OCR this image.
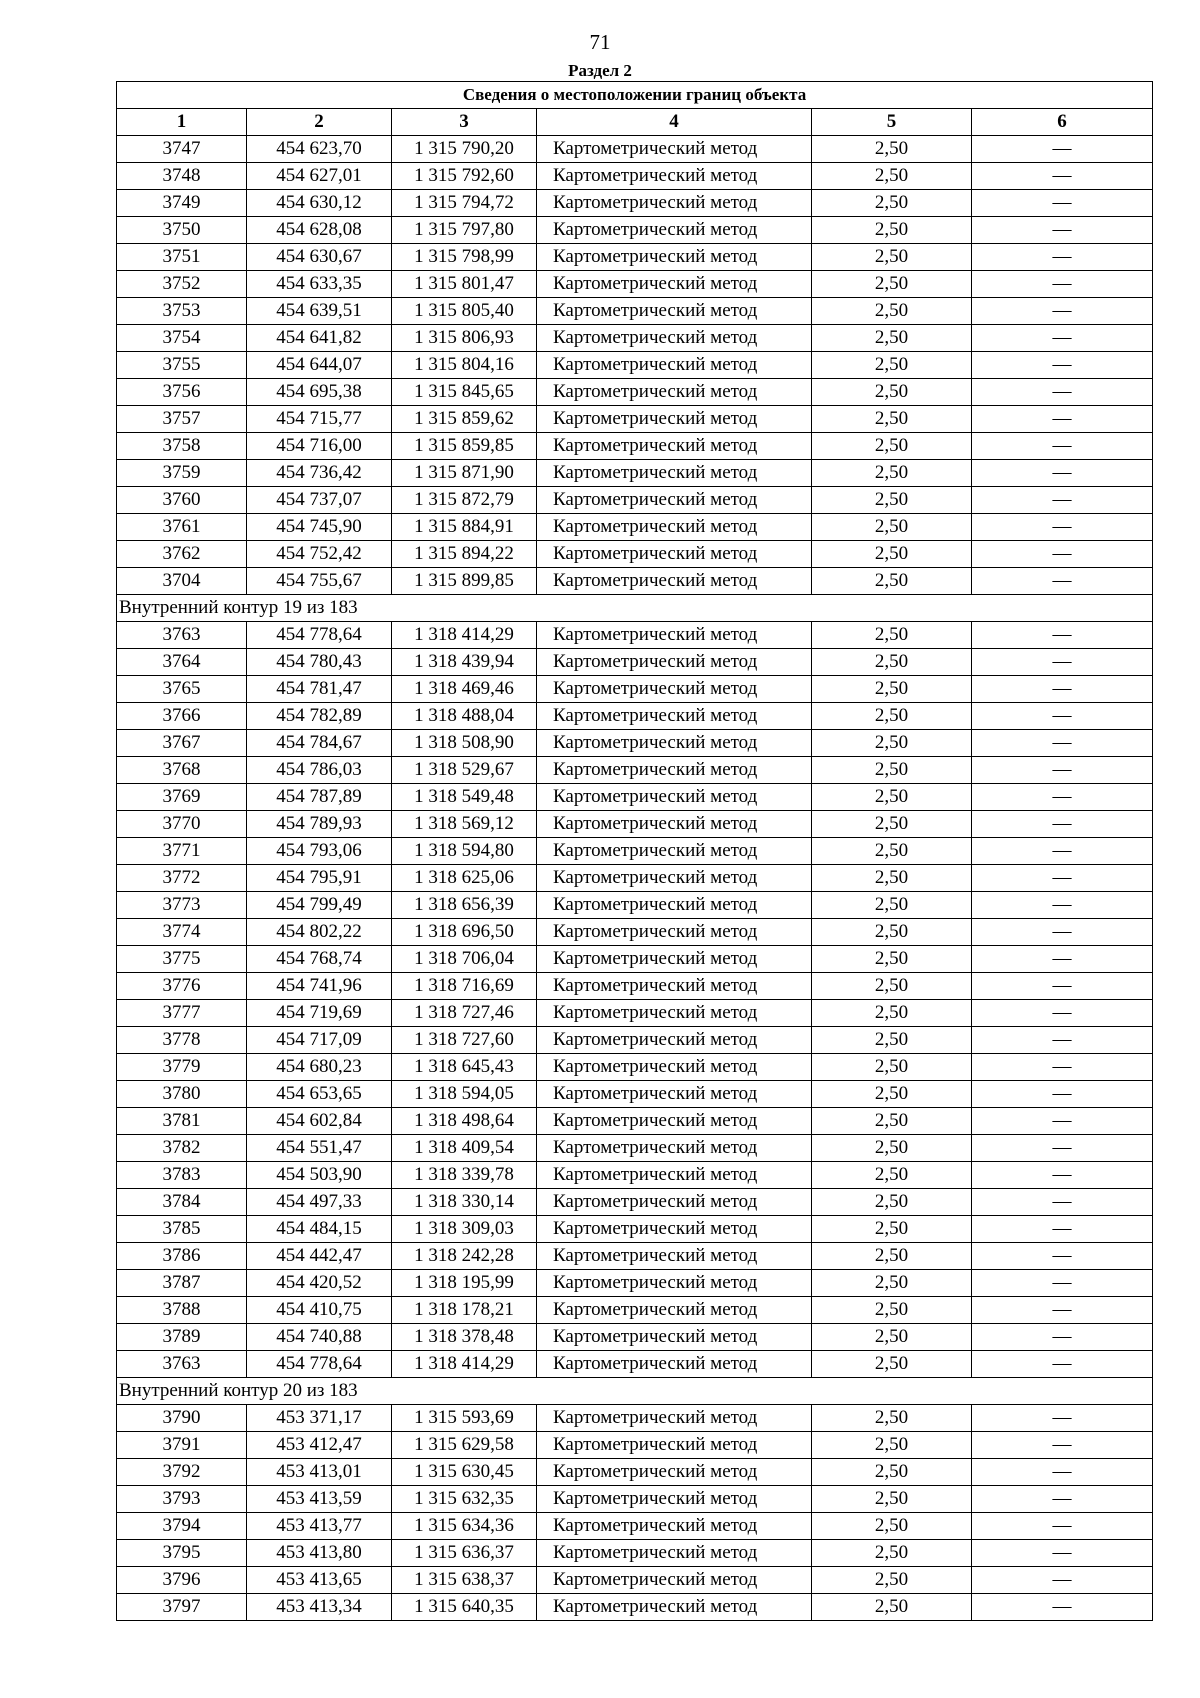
71
Раздел 2
Сведения о местоположении границ объекта					
1	2	3	4	5	6
3747	454 623,70	1 315 790,20	Картометрический метод	2,50	—
3748	454 627,01	1 315 792,60	Картометрический метод	2,50	—
3749	454 630,12	1 315 794,72	Картометрический метод	2,50	—
3750	454 628,08	1 315 797,80	Картометрический метод	2,50	—
3751	454 630,67	1 315 798,99	Картометрический метод	2,50	—
3752	454 633,35	1 315 801,47	Картометрический метод	2,50	—
3753	454 639,51	1 315 805,40	Картометрический метод	2,50	—
3754	454 641,82	1 315 806,93	Картометрический метод	2,50	—
3755	454 644,07	1 315 804,16	Картометрический метод	2,50	—
3756	454 695,38	1 315 845,65	Картометрический метод	2,50	—
3757	454 715,77	1 315 859,62	Картометрический метод	2,50	—
3758	454 716,00	1 315 859,85	Картометрический метод	2,50	—
3759	454 736,42	1 315 871,90	Картометрический метод	2,50	—
3760	454 737,07	1 315 872,79	Картометрический метод	2,50	—
3761	454 745,90	1 315 884,91	Картометрический метод	2,50	—
3762	454 752,42	1 315 894,22	Картометрический метод	2,50	—
3704	454 755,67	1 315 899,85	Картометрический метод	2,50	—
Внутренний контур 19 из 183					
3763	454 778,64	1 318 414,29	Картометрический метод	2,50	—
3764	454 780,43	1 318 439,94	Картометрический метод	2,50	—
3765	454 781,47	1 318 469,46	Картометрический метод	2,50	—
3766	454 782,89	1 318 488,04	Картометрический метод	2,50	—
3767	454 784,67	1 318 508,90	Картометрический метод	2,50	—
3768	454 786,03	1 318 529,67	Картометрический метод	2,50	—
3769	454 787,89	1 318 549,48	Картометрический метод	2,50	—
3770	454 789,93	1 318 569,12	Картометрический метод	2,50	—
3771	454 793,06	1 318 594,80	Картометрический метод	2,50	—
3772	454 795,91	1 318 625,06	Картометрический метод	2,50	—
3773	454 799,49	1 318 656,39	Картометрический метод	2,50	—
3774	454 802,22	1 318 696,50	Картометрический метод	2,50	—
3775	454 768,74	1 318 706,04	Картометрический метод	2,50	—
3776	454 741,96	1 318 716,69	Картометрический метод	2,50	—
3777	454 719,69	1 318 727,46	Картометрический метод	2,50	—
3778	454 717,09	1 318 727,60	Картометрический метод	2,50	—
3779	454 680,23	1 318 645,43	Картометрический метод	2,50	—
3780	454 653,65	1 318 594,05	Картометрический метод	2,50	—
3781	454 602,84	1 318 498,64	Картометрический метод	2,50	—
3782	454 551,47	1 318 409,54	Картометрический метод	2,50	—
3783	454 503,90	1 318 339,78	Картометрический метод	2,50	—
3784	454 497,33	1 318 330,14	Картометрический метод	2,50	—
3785	454 484,15	1 318 309,03	Картометрический метод	2,50	—
3786	454 442,47	1 318 242,28	Картометрический метод	2,50	—
3787	454 420,52	1 318 195,99	Картометрический метод	2,50	—
3788	454 410,75	1 318 178,21	Картометрический метод	2,50	—
3789	454 740,88	1 318 378,48	Картометрический метод	2,50	—
3763	454 778,64	1 318 414,29	Картометрический метод	2,50	—
Внутренний контур 20 из 183					
3790	453 371,17	1 315 593,69	Картометрический метод	2,50	—
3791	453 412,47	1 315 629,58	Картометрический метод	2,50	—
3792	453 413,01	1 315 630,45	Картометрический метод	2,50	—
3793	453 413,59	1 315 632,35	Картометрический метод	2,50	—
3794	453 413,77	1 315 634,36	Картометрический метод	2,50	—
3795	453 413,80	1 315 636,37	Картометрический метод	2,50	—
3796	453 413,65	1 315 638,37	Картометрический метод	2,50	—
3797	453 413,34	1 315 640,35	Картометрический метод	2,50	—
